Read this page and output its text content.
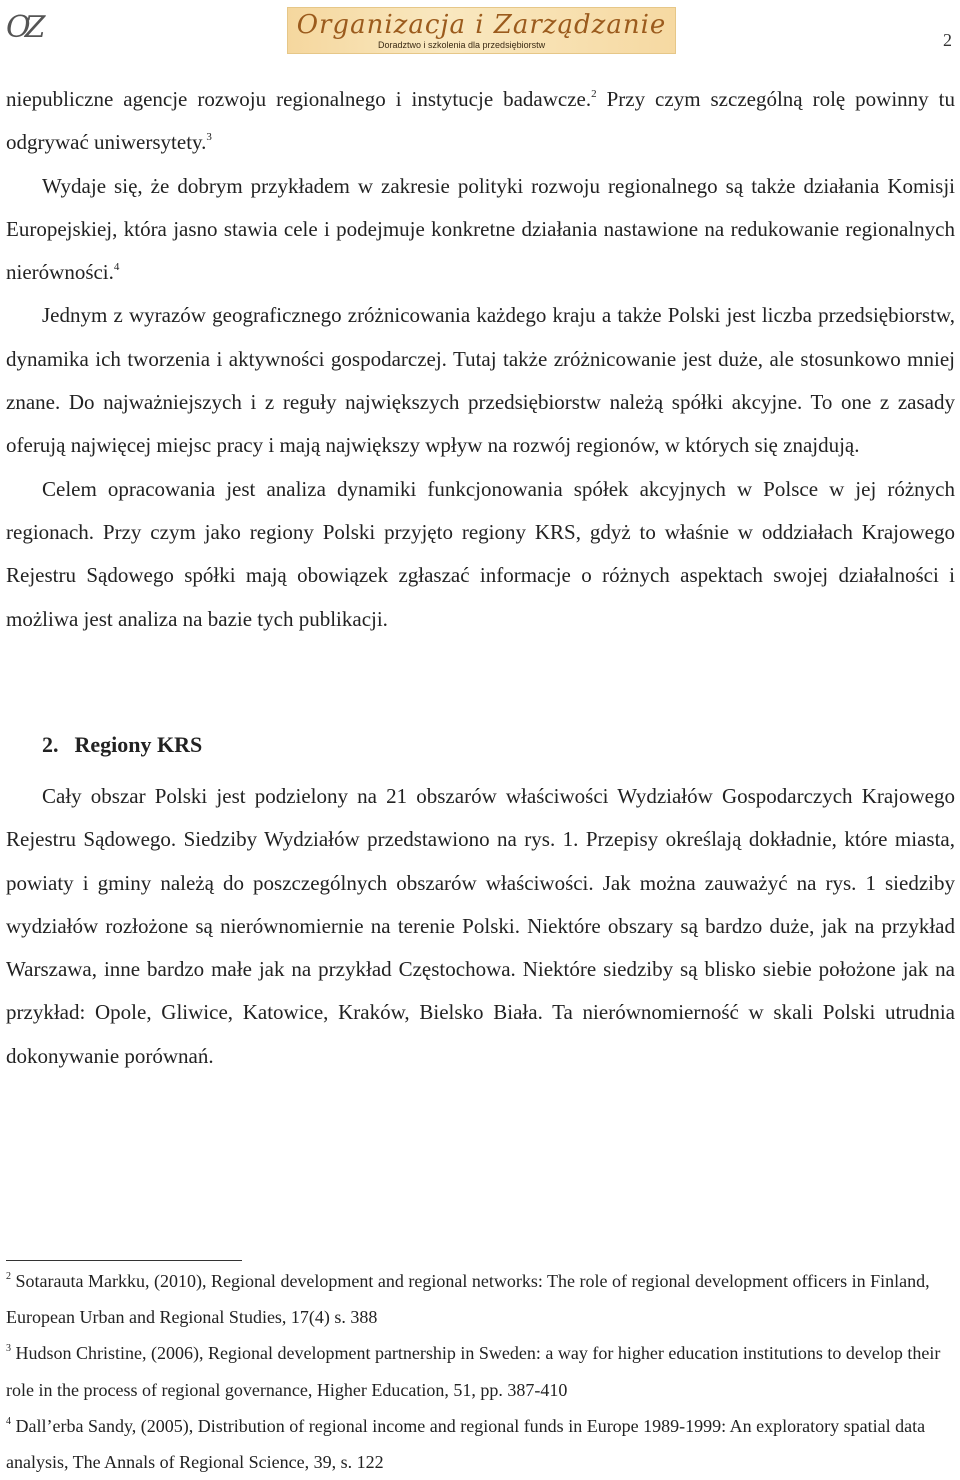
OZ	Organizacja i Zarządzanie
Doradztwo i szkolenia dla przedsiębiorstw	2

niepubliczne agencje rozwoju regionalnego i instytucje badawcze.$^2$ Przy czym szczególną rolę powinny tu odgrywać uniwersytety.$^3$

Wydaje się, że dobrym przykładem w zakresie polityki rozwoju regionalnego są także działania Komisji Europejskiej, która jasno stawia cele i podejmuje konkretne działania nastawione na redukowanie regionalnych nierówności.$^4$

Jednym z wyrazów geograficznego zróżnicowania każdego kraju a także Polski jest liczba przedsiębiorstw, dynamika ich tworzenia i aktywności gospodarczej. Tutaj także zróżnicowanie jest duże, ale stosunkowo mniej znane. Do najważniejszych i z reguły największych przedsiębiorstw należą spółki akcyjne. To one z zasady oferują najwięcej miejsc pracy i mają największy wpływ na rozwój regionów, w których się znajdują.

Celem opracowania jest analiza dynamiki funkcjonowania spółek akcyjnych w Polsce w jej różnych regionach. Przy czym jako regiony Polski przyjęto regiony KRS, gdyż to właśnie w oddziałach Krajowego Rejestru Sądowego spółki mają obowiązek zgłaszać informacje o różnych aspektach swojej działalności i możliwa jest analiza na bazie tych publikacji.

2. Regiony KRS

Cały obszar Polski jest podzielony na 21 obszarów właściwości Wydziałów Gospodarczych Krajowego Rejestru Sądowego. Siedziby Wydziałów przedstawiono na rys. 1. Przepisy określają dokładnie, które miasta, powiaty i gminy należą do poszczególnych obszarów właściwości. Jak można zauważyć na rys. 1 siedziby wydziałów rozłożone są nierównomiernie na terenie Polski. Niektóre obszary są bardzo duże, jak na przykład Warszawa, inne bardzo małe jak na przykład Częstochowa. Niektóre siedziby są blisko siebie położone jak na przykład: Opole, Gliwice, Katowice, Kraków, Bielsko Biała. Ta nierównomierność w skali Polski utrudnia dokonywanie porównań.

$^2$ Sotarauta Markku, (2010), Regional development and regional networks: The role of regional development officers in Finland, European Urban and Regional Studies, 17(4) s. 388

$^3$ Hudson Christine, (2006), Regional development partnership in Sweden: a way for higher education institutions to develop their role in the process of regional governance, Higher Education, 51, pp. 387-410

$^4$ Dall’erba Sandy, (2005), Distribution of regional income and regional funds in Europe 1989-1999: An exploratory spatial data analysis, The Annals of Regional Science, 39, s. 122
